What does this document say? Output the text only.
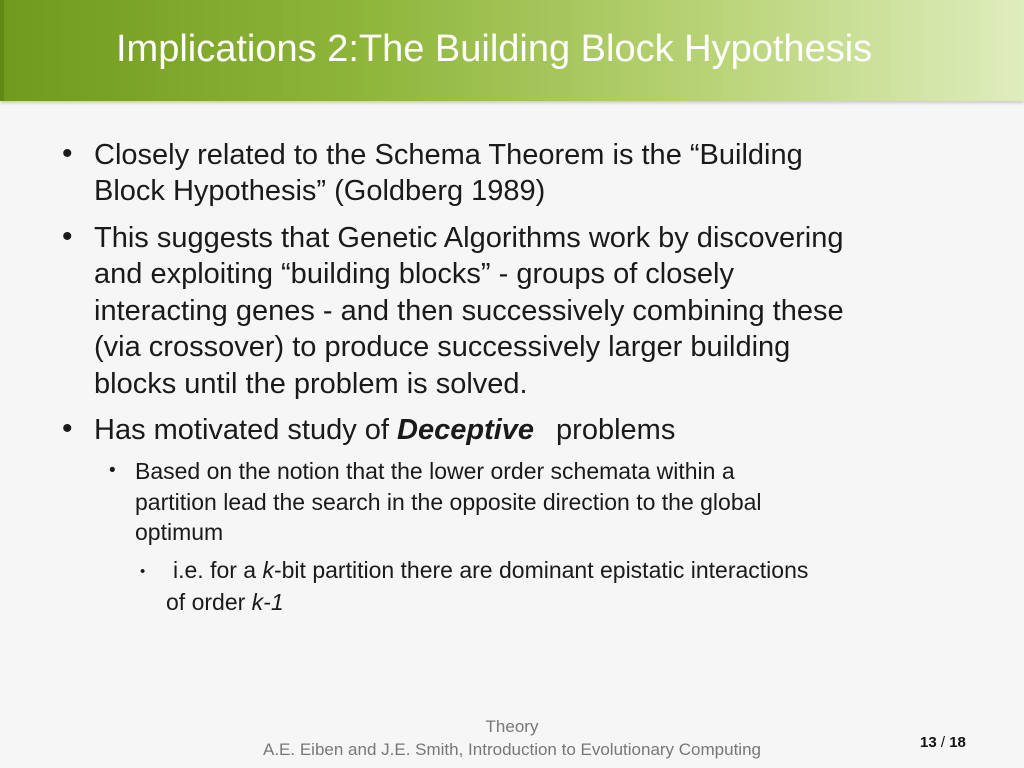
Implications 2:The Building Block Hypothesis
• Closely related to the Schema Theorem is the “Building
Block Hypothesis” (Goldberg 1989)
• This suggests that Genetic Algorithms work by discovering
and exploiting “building blocks” - groups of closely
interacting genes - and then successively combining these
(via crossover) to produce successively larger building
blocks until the problem is solved.
• Has motivated study of Deceptive problems
• Based on the notion that the lower order schemata within a
partition lead the search in the opposite direction to the global
optimum
• i.e. for a k-bit partition there are dominant epistatic interactions
of order k-1
Theory
A.E. Eiben and J.E. Smith, Introduction to Evolutionary Computing	13 / 18
